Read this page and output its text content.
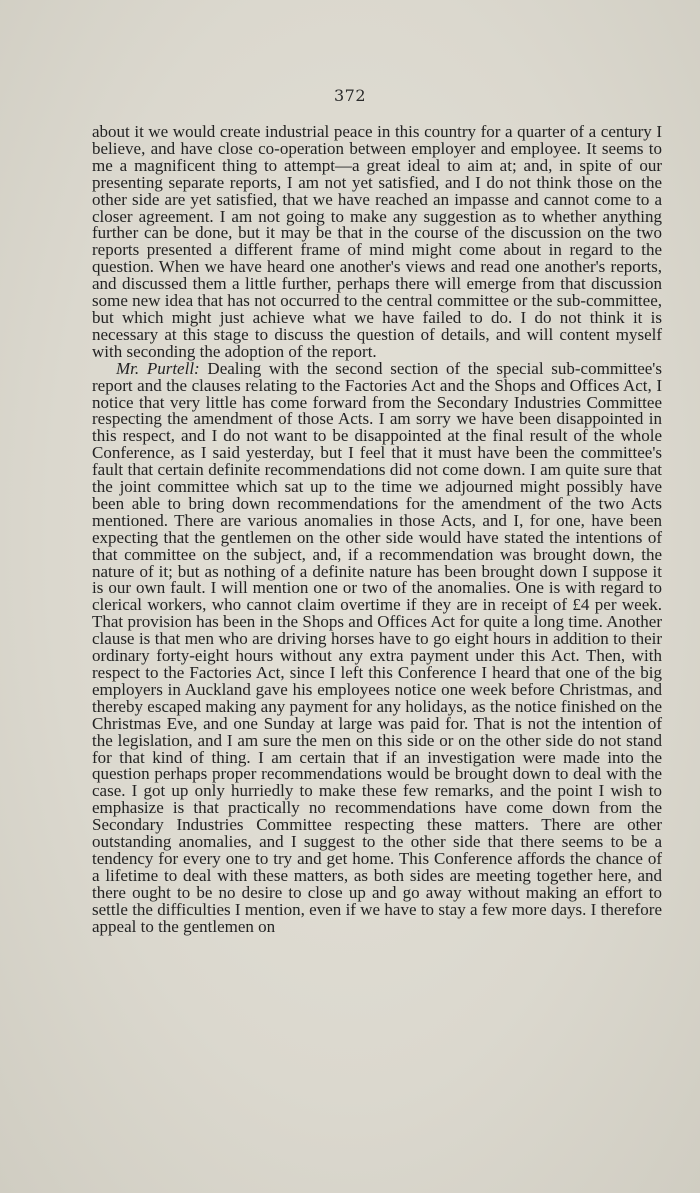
372

about it we would create industrial peace in this country for a quarter of a century I believe, and have close co-operation between employer and employee. It seems to me a magnificent thing to attempt—a great ideal to aim at; and, in spite of our presenting separate reports, I am not yet satisfied, and I do not think those on the other side are yet satisfied, that we have reached an impasse and cannot come to a closer agreement. I am not going to make any suggestion as to whether anything further can be done, but it may be that in the course of the discussion on the two reports presented a different frame of mind might come about in regard to the question. When we have heard one another's views and read one another's reports, and discussed them a little further, perhaps there will emerge from that discussion some new idea that has not occurred to the central committee or the sub-committee, but which might just achieve what we have failed to do. I do not think it is necessary at this stage to discuss the question of details, and will content myself with seconding the adoption of the report.

Mr. Purtell: Dealing with the second section of the special sub-committee's report and the clauses relating to the Factories Act and the Shops and Offices Act, I notice that very little has come forward from the Secondary Industries Committee respecting the amendment of those Acts. I am sorry we have been disappointed in this respect, and I do not want to be disappointed at the final result of the whole Conference, as I said yesterday, but I feel that it must have been the committee's fault that certain definite recommendations did not come down. I am quite sure that the joint committee which sat up to the time we adjourned might possibly have been able to bring down recommendations for the amendment of the two Acts mentioned. There are various anomalies in those Acts, and I, for one, have been expecting that the gentlemen on the other side would have stated the intentions of that committee on the subject, and, if a recommendation was brought down, the nature of it; but as nothing of a definite nature has been brought down I suppose it is our own fault. I will mention one or two of the anomalies. One is with regard to clerical workers, who cannot claim overtime if they are in receipt of £4 per week. That provision has been in the Shops and Offices Act for quite a long time. Another clause is that men who are driving horses have to go eight hours in addition to their ordinary forty-eight hours without any extra payment under this Act. Then, with respect to the Factories Act, since I left this Conference I heard that one of the big employers in Auckland gave his employees notice one week before Christmas, and thereby escaped making any payment for any holidays, as the notice finished on the Christmas Eve, and one Sunday at large was paid for. That is not the intention of the legislation, and I am sure the men on this side or on the other side do not stand for that kind of thing. I am certain that if an investigation were made into the question perhaps proper recommendations would be brought down to deal with the case. I got up only hurriedly to make these few remarks, and the point I wish to emphasize is that practically no recommendations have come down from the Secondary Industries Committee respecting these matters. There are other outstanding anomalies, and I suggest to the other side that there seems to be a tendency for every one to try and get home. This Conference affords the chance of a lifetime to deal with these matters, as both sides are meeting together here, and there ought to be no desire to close up and go away without making an effort to settle the difficulties I mention, even if we have to stay a few more days. I therefore appeal to the gentlemen on
